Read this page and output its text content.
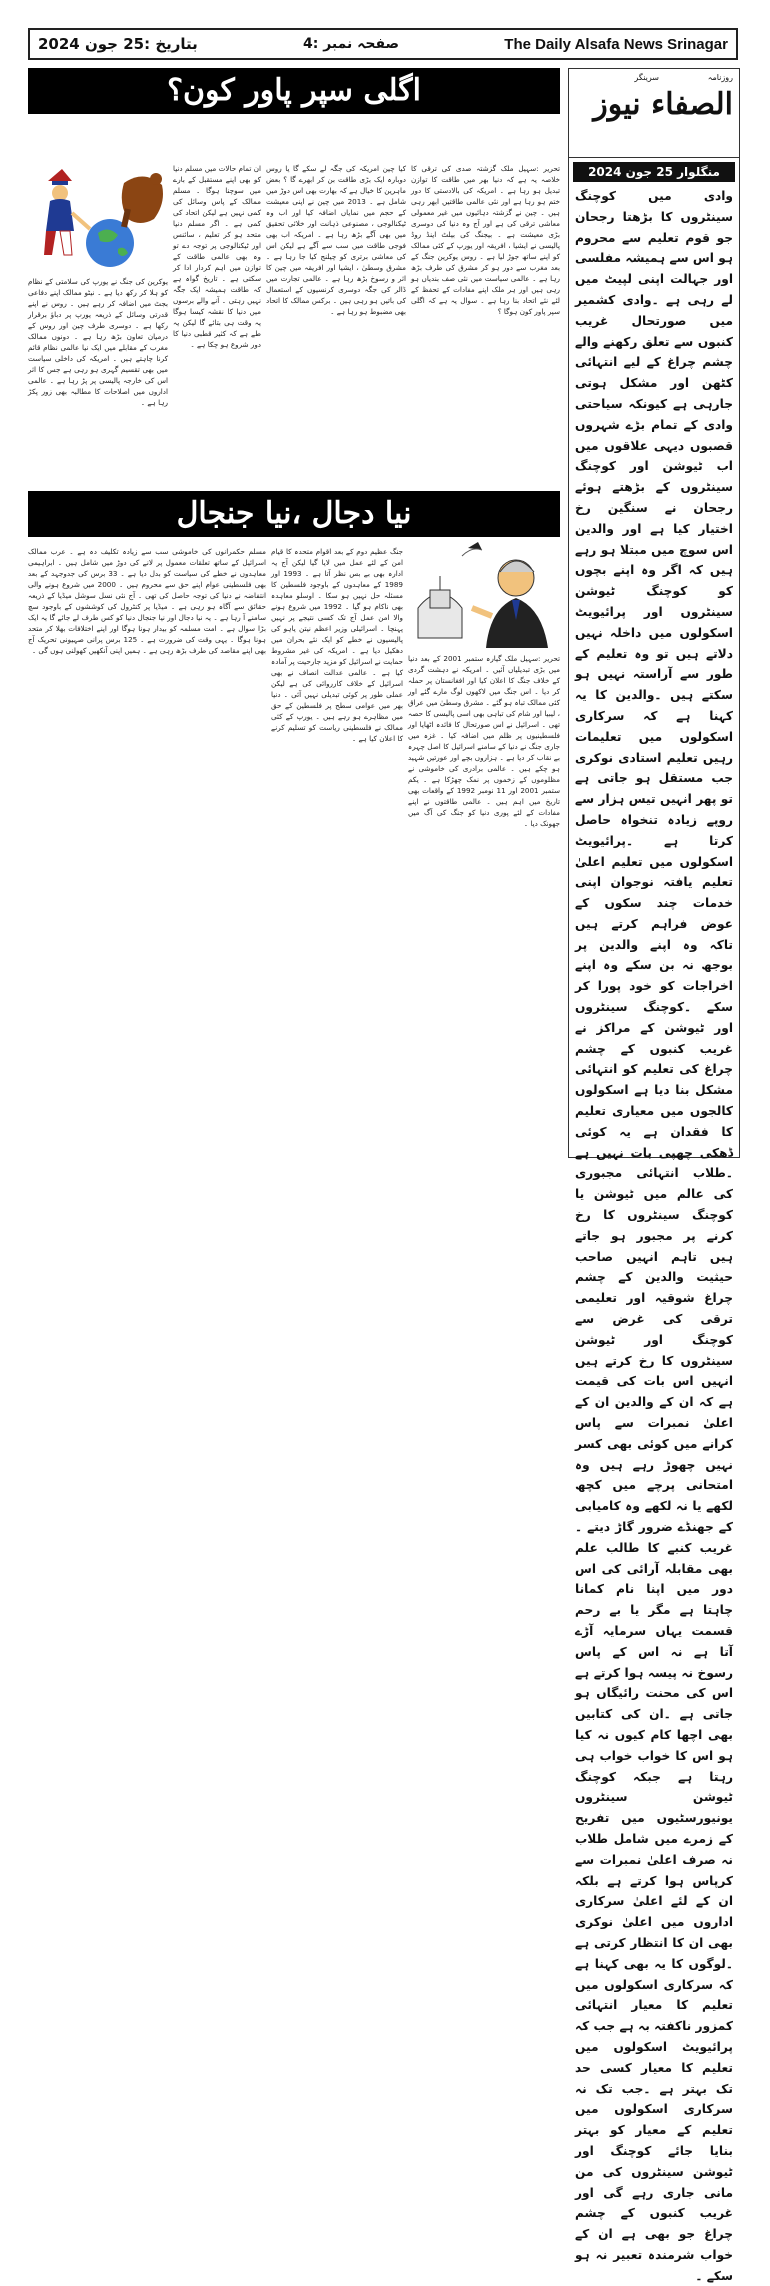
بتاریخ :25 جون 2024	صفحہ نمبر :4	The Daily Alsafa News Srinagar
اگلی سپر پاور کون؟
ان تمام حالات میں مسلم دنیا کو بھی اپنے مستقبل کے بارے میں سوچنا ہوگا ۔ مسلم ممالک کے پاس وسائل کی کمی نہیں ہے لیکن اتحاد کی کمی ہے ۔ اگر مسلم دنیا متحد ہو کر تعلیم ، سائنس اور ٹیکنالوجی پر توجہ دے تو وہ بھی عالمی طاقت کے توازن میں اہم کردار ادا کر سکتی ہے ۔ تاریخ گواہ ہے کہ طاقت ہمیشہ ایک جگہ نہیں رہتی ۔ آنے والے برسوں میں دنیا کا نقشہ کیسا ہوگا یہ وقت ہی بتائے گا لیکن یہ طے ہے کہ کثیر قطبی دنیا کا دور شروع ہو چکا ہے ۔
یوکرین کی جنگ نے یورپ کی سلامتی کے نظام کو ہلا کر رکھ دیا ہے ۔ نیٹو ممالک اپنے دفاعی بجٹ میں اضافہ کر رہے ہیں ۔ روس نے اپنے قدرتی وسائل کے ذریعہ یورپ پر دباؤ برقرار رکھا ہے ۔ دوسری طرف چین اور روس کے درمیان تعاون بڑھ رہا ہے ۔ دونوں ممالک مغرب کے مقابلے میں ایک نیا عالمی نظام قائم کرنا چاہتے ہیں ۔ امریکہ کی داخلی سیاست میں بھی تقسیم گہری ہو رہی ہے جس کا اثر اس کی خارجہ پالیسی پر پڑ رہا ہے ۔ عالمی اداروں میں اصلاحات کا مطالبہ بھی زور پکڑ رہا ہے ۔
کیا چین امریکہ کی جگہ لے سکے گا یا روس دوبارہ ایک بڑی طاقت بن کر ابھرے گا ؟ بعض ماہرین کا خیال ہے کہ بھارت بھی اس دوڑ میں شامل ہے ۔ 2013 میں چین نے اپنی معیشت کے حجم میں نمایاں اضافہ کیا اور اب وہ ٹیکنالوجی ، مصنوعی ذہانت اور خلائی تحقیق میں بھی آگے بڑھ رہا ہے ۔ امریکہ اب بھی فوجی طاقت میں سب سے آگے ہے لیکن اس کی معاشی برتری کو چیلنج کیا جا رہا ہے ۔ مشرق وسطیٰ ، ایشیا اور افریقہ میں چین کا اثر و رسوخ بڑھ رہا ہے ۔ عالمی تجارت میں ڈالر کی جگہ دوسری کرنسیوں کے استعمال کی باتیں ہو رہی ہیں ۔ برکس ممالک کا اتحاد بھی مضبوط ہو رہا ہے ۔
تحریر :سہیل ملک گزشتہ صدی کی ترقی کا خلاصہ یہ ہے کہ دنیا بھر میں طاقت کا توازن تبدیل ہو رہا ہے ۔ امریکہ کی بالادستی کا دور ختم ہو رہا ہے اور نئی عالمی طاقتیں ابھر رہی ہیں ۔ چین نے گزشتہ دہائیوں میں غیر معمولی معاشی ترقی کی ہے اور آج وہ دنیا کی دوسری بڑی معیشت ہے ۔ بیجنگ کی بیلٹ اینڈ روڈ پالیسی نے ایشیا ، افریقہ اور یورپ کے کئی ممالک کو اپنے ساتھ جوڑ لیا ہے ۔ روس یوکرین جنگ کے بعد مغرب سے دور ہو کر مشرق کی طرف بڑھ رہا ہے ۔ عالمی سیاست میں نئی صف بندیاں ہو رہی ہیں اور ہر ملک اپنے مفادات کے تحفظ کے لئے نئے اتحاد بنا رہا ہے ۔ سوال یہ ہے کہ اگلی سپر پاور کون ہوگا ؟
نیا دجال ،نیا جنجال
تحریر :سہیل ملک گیارہ ستمبر 2001 کے بعد دنیا میں بڑی تبدیلیاں آئیں ۔ امریکہ نے دہشت گردی کے خلاف جنگ کا اعلان کیا اور افغانستان پر حملہ کر دیا ۔ اس جنگ میں لاکھوں لوگ مارے گئے اور کئی ممالک تباہ ہو گئے ۔ مشرق وسطیٰ میں عراق ، لیبیا اور شام کی تباہی بھی اسی پالیسی کا حصہ تھی ۔ اسرائیل نے اس صورتحال کا فائدہ اٹھایا اور فلسطینیوں پر ظلم میں اضافہ کیا ۔ غزہ میں جاری جنگ نے دنیا کے سامنے اسرائیل کا اصل چہرہ بے نقاب کر دیا ہے ۔ ہزاروں بچے اور عورتیں شہید ہو چکے ہیں ۔ عالمی برادری کی خاموشی نے مظلوموں کے زخموں پر نمک چھڑکا ہے ۔ یکم ستمبر 2001 اور 11 نومبر 1992 کے واقعات بھی تاریخ میں اہم ہیں ۔ عالمی طاقتوں نے اپنے مفادات کے لئے پوری دنیا کو جنگ کی آگ میں جھونک دیا ۔
جنگ عظیم دوم کے بعد اقوام متحدہ کا قیام امن کے لئے عمل میں لایا گیا لیکن آج یہ ادارہ بھی بے بس نظر آتا ہے ۔ 1993 اور 1989 کے معاہدوں کے باوجود فلسطین کا مسئلہ حل نہیں ہو سکا ۔ اوسلو معاہدہ بھی ناکام ہو گیا ۔ 1992 میں شروع ہونے والا امن عمل آج تک کسی نتیجے پر نہیں پہنچا ۔ اسرائیلی وزیر اعظم نیتن یاہو کی پالیسیوں نے خطے کو ایک نئے بحران میں دھکیل دیا ہے ۔ امریکہ کی غیر مشروط حمایت نے اسرائیل کو مزید جارحیت پر آمادہ کیا ہے ۔ عالمی عدالت انصاف نے بھی اسرائیل کے خلاف کارروائی کی ہے لیکن عملی طور پر کوئی تبدیلی نہیں آئی ۔ دنیا بھر میں عوامی سطح پر فلسطین کے حق میں مظاہرے ہو رہے ہیں ۔ یورپ کے کئی ممالک نے فلسطینی ریاست کو تسلیم کرنے کا اعلان کیا ہے ۔
مسلم حکمرانوں کی خاموشی سب سے زیادہ تکلیف دہ ہے ۔ عرب ممالک اسرائیل کے ساتھ تعلقات معمول پر لانے کی دوڑ میں شامل ہیں ۔ ابراہیمی معاہدوں نے خطے کی سیاست کو بدل دیا ہے ۔ 33 برس کی جدوجہد کے بعد بھی فلسطینی عوام اپنے حق سے محروم ہیں ۔ 2000 میں شروع ہونے والی انتفاضہ نے دنیا کی توجہ حاصل کی تھی ۔ آج نئی نسل سوشل میڈیا کے ذریعہ حقائق سے آگاہ ہو رہی ہے ۔ میڈیا پر کنٹرول کی کوششوں کے باوجود سچ سامنے آ رہا ہے ۔ یہ نیا دجال اور نیا جنجال دنیا کو کس طرف لے جائے گا یہ ایک بڑا سوال ہے ۔ امت مسلمہ کو بیدار ہونا ہوگا اور اپنے اختلافات بھلا کر متحد ہونا ہوگا ۔ یہی وقت کی ضرورت ہے ۔ 125 برس پرانی صہیونی تحریک آج بھی اپنے مقاصد کی طرف بڑھ رہی ہے ۔ ہمیں اپنی آنکھیں کھولنی ہوں گی ۔
روزنامہ
سرینگر
الصفاء نیوز
منگلوار 25 جون 2024
وادی میں کوچنگ سینٹروں کا بڑھتا رجحان جو قوم تعلیم سے محروم ہو اس سے ہمیشہ مفلسی اور جہالت اپنی لپیٹ میں لے رہی ہے ۔وادی کشمیر میں صورتحال غریب کنبوں سے تعلق رکھنے والے چشم چراغ کے لیے انتہائی کٹھن اور مشکل ہوتی جارہی ہے کیونکہ سیاحتی وادی کے تمام بڑے شہروں قصبوں دیہی علاقوں میں اب ٹیوشن اور کوچنگ سینٹروں کے بڑھتے ہوئے رجحان نے سنگین رخ اختیار کیا ہے اور والدین اس سوچ میں مبتلا ہو رہے ہیں کہ اگر وہ اپنے بچوں کو کوچنگ ٹیوشن سینٹروں اور پرائیویٹ اسکولوں میں داخلہ نہیں دلاتے ہیں تو وہ تعلیم کے طور سے آراستہ نہیں ہو سکتے ہیں ۔والدین کا یہ کہنا ہے کہ سرکاری اسکولوں میں تعلیمات رہیں تعلیم استادی نوکری جب مستقل ہو جاتی ہے تو پھر انہیں تیس ہزار سے روپے زیادہ تنخواہ حاصل کرتا ہے ۔پرائیویٹ اسکولوں میں تعلیم اعلیٰ تعلیم یافتہ نوجوان اپنی خدمات چند سکوں کے عوض فراہم کرتے ہیں تاکہ وہ اپنے والدین پر بوجھ نہ بن سکے وہ اپنے اخراجات کو خود پورا کر سکے ۔کوچنگ سینٹروں اور ٹیوشن کے مراکز نے غریب کنبوں کے چشم چراغ کی تعلیم کو انتہائی مشکل بنا دیا ہے اسکولوں کالجوں میں معیاری تعلیم کا فقدان ہے یہ کوئی ڈھکی چھپی بات نہیں ہے ۔طلاب انتہائی مجبوری کی عالم میں ٹیوشن یا کوچنگ سینٹروں کا رخ کرنے پر مجبور ہو جاتے ہیں تاہم انہیں صاحب حیثیت والدین کے چشم چراغ شوقیہ اور تعلیمی ترقی کی غرض سے کوچنگ اور ٹیوشن سینٹروں کا رخ کرتے ہیں انہیں اس بات کی قیمت ہے کہ ان کے والدین ان کے اعلیٰ نمبرات سے پاس کرانے میں کوئی بھی کسر نہیں چھوڑ رہے ہیں وہ امتحانی پرچے میں کچھ لکھے یا نہ لکھے وہ کامیابی کے جھنڈے ضرور گاڑ دیتے ۔غریب کنبے کا طالب علم بھی مقابلہ آرائی کی اس دور میں اپنا نام کمانا چاہتا ہے مگر یا بے رحم قسمت یہاں سرمایہ آڑے آتا ہے نہ اس کے پاس رسوخ نہ پیسہ ہوا کرتے ہے اس کی محنت رائیگاں ہو جاتی ہے ۔ان کی کتابیں بھی اچھا کام کیوں نہ کیا ہو اس کا خواب خواب ہی رہتا ہے جبکہ کوچنگ ٹیوشن سینٹروں یونیورسٹیوں میں تفریح کے زمرے میں شامل طلاب نہ صرف اعلیٰ نمبرات سے کرپاس ہوا کرتے ہے بلکہ ان کے لئے اعلیٰ سرکاری اداروں میں اعلیٰ نوکری بھی ان کا انتظار کرتی ہے ۔لوگوں کا یہ بھی کہنا ہے کہ سرکاری اسکولوں میں تعلیم کا معیار انتہائی کمزور ناکفتہ بہ ہے جب کہ پرائیویٹ اسکولوں میں تعلیم کا معیار کسی حد تک بہتر ہے ۔جب تک نہ سرکاری اسکولوں میں تعلیم کے معیار کو بہتر بنایا جائے کوچنگ اور ٹیوشن سینٹروں کی من مانی جاری رہے گی اور غریب کنبوں کے چشم چراغ جو بھی ہے ان کے خواب شرمندہ تعبیر نہ ہو سکے ۔
